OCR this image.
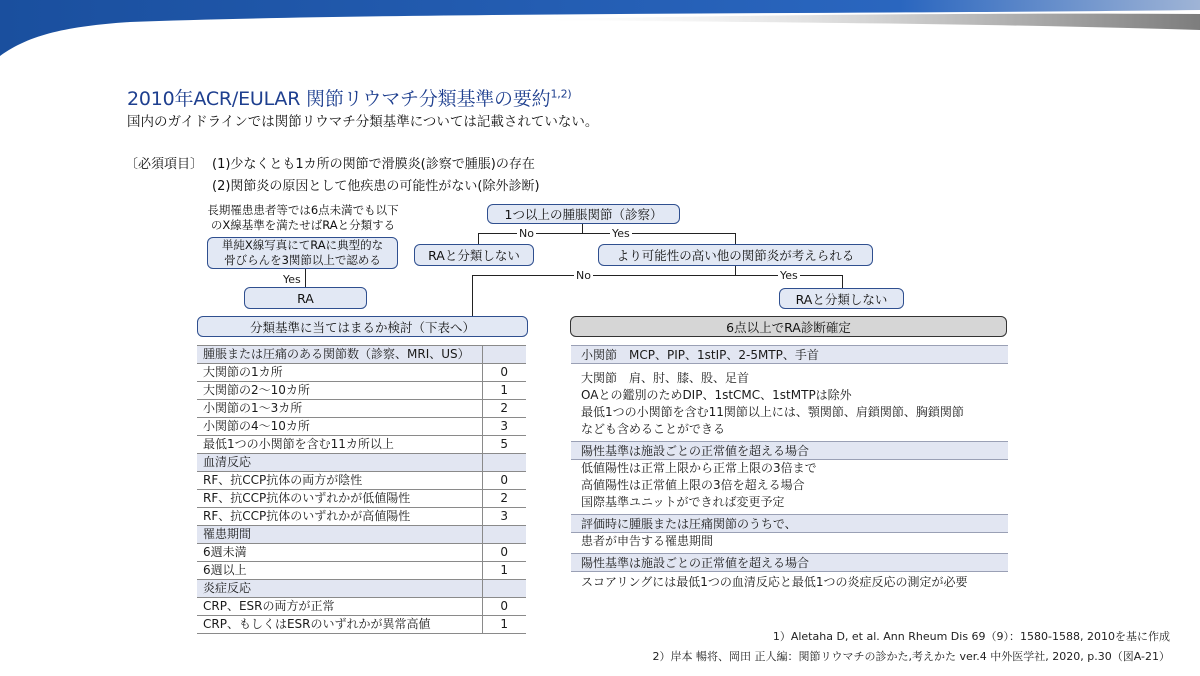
2010年ACR/EULAR 関節リウマチ分類基準の要約$^{1,2)}$
国内のガイドラインでは関節リウマチ分類基準については記載されていない。
〔必須項目〕 (1)少なくとも1カ所の関節で滑膜炎(診察で腫脹)の存在
(2)関節炎の原因として他疾患の可能性がない(除外診断)
No	Yes
No	Yes
Yes
1つ以上の腫脹関節（診察）
RAと分類しない	より可能性の高い他の関節炎が考えられる
RAと分類しない
長期罹患患者等では6点未満でも以下
のX線基準を満たせばRAと分類する
単純X線写真にてRAに典型的な
骨びらんを3関節以上で認める
RA
分類基準に当てはまるか検討（下表へ）	6点以上でRA診断確定
腫脹または圧痛のある関節数（診察、MRI、US）	
大関節の1カ所	0
大関節の2～10カ所	1
小関節の1～3カ所	2
小関節の4～10カ所	3
最低1つの小関節を含む11カ所以上	5
血清反応	
RF、抗CCP抗体の両方が陰性	0
RF、抗CCP抗体のいずれかが低値陽性	2
RF、抗CCP抗体のいずれかが高値陽性	3
罹患期間	
6週未満	0
6週以上	1
炎症反応	
CRP、ESRの両方が正常	0
CRP、もしくはESRのいずれかが異常高値	1
小関節　MCP、PIP、1stIP、2-5MTP、手首
大関節　肩、肘、膝、股、足首
OAとの鑑別のためDIP、1stCMC、1stMTPは除外
最低1つの小関節を含む11関節以上には、顎関節、肩鎖関節、胸鎖関節
なども含めることができる
陽性基準は施設ごとの正常値を超える場合
低値陽性は正常上限から正常上限の3倍まで
高値陽性は正常値上限の3倍を超える場合
国際基準ユニットができれば変更予定
評価時に腫脹または圧痛関節のうちで、
患者が申告する罹患期間
陽性基準は施設ごとの正常値を超える場合
スコアリングには最低1つの血清反応と最低1つの炎症反応の測定が必要
1）Aletaha D, et al. Ann Rheum Dis 69（9）：1580-1588, 2010を基に作成
2）岸本 暢将、岡田 正人編：関節リウマチの診かた,考えかた ver.4 中外医学社, 2020, p.30（図A-21）
